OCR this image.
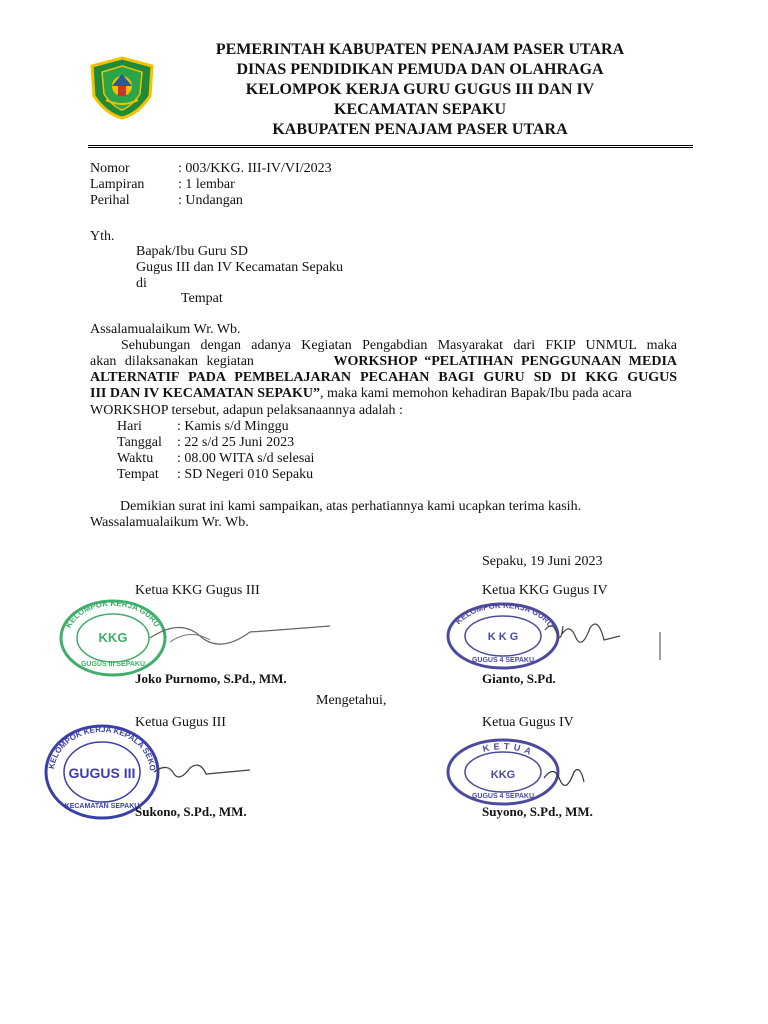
PEMERINTAH KABUPATEN PENAJAM PASER UTARA
DINAS PENDIDIKAN PEMUDA DAN OLAHRAGA
KELOMPOK KERJA GURU GUGUS III DAN IV
KECAMATAN SEPAKU
KABUPATEN PENAJAM PASER UTARA
Nomor	: 003/KKG. III-IV/VI/2023
Lampiran : 1 lembar
Perihal	: Undangan
Yth.
Bapak/Ibu Guru SD
Gugus III dan IV Kecamatan Sepaku
di
Tempat
Assalamualaikum Wr. Wb.
Sehubungan dengan adanya Kegiatan Pengabdian Masyarakat dari FKIP UNMUL maka
akan dilaksanakan kegiatan	WORKSHOP “PELATIHAN PENGGUNAAN MEDIA
ALTERNATIF PADA PEMBELAJARAN PECAHAN BAGI GURU SD DI KKG GUGUS
III DAN IV KECAMATAN SEPAKU”, maka kami memohon kehadiran Bapak/Ibu pada acara
WORKSHOP tersebut, adapun pelaksanaannya adalah :
Hari	: Kamis s/d Minggu
Tanggal : 22 s/d 25 Juni 2023
Waktu : 08.00 WITA s/d selesai
Tempat : SD Negeri 010 Sepaku
Demikian surat ini kami sampaikan, atas perhatiannya kami ucapkan terima kasih.
Wassalamualaikum Wr. Wb.
Sepaku, 19 Juni 2023
Ketua KKG Gugus III	Ketua KKG Gugus IV
KELOMPOK KERJA GURU
KKG
GUGUS III SEPAKU
KELOMPOK KERJA GURU
K K G
GUGUS 4 SEPAKU
Joko Purnomo, S.Pd., MM.	Gianto, S.Pd.
Mengetahui,
Ketua Gugus III	Ketua Gugus IV
KELOMPOK KERJA KEPALA SEKO
GUGUS III
KECAMATAN SEPAKU
KETUA
KKG
GUGUS 4 SEPAKU
Sukono, S.Pd., MM.	Suyono, S.Pd., MM.
